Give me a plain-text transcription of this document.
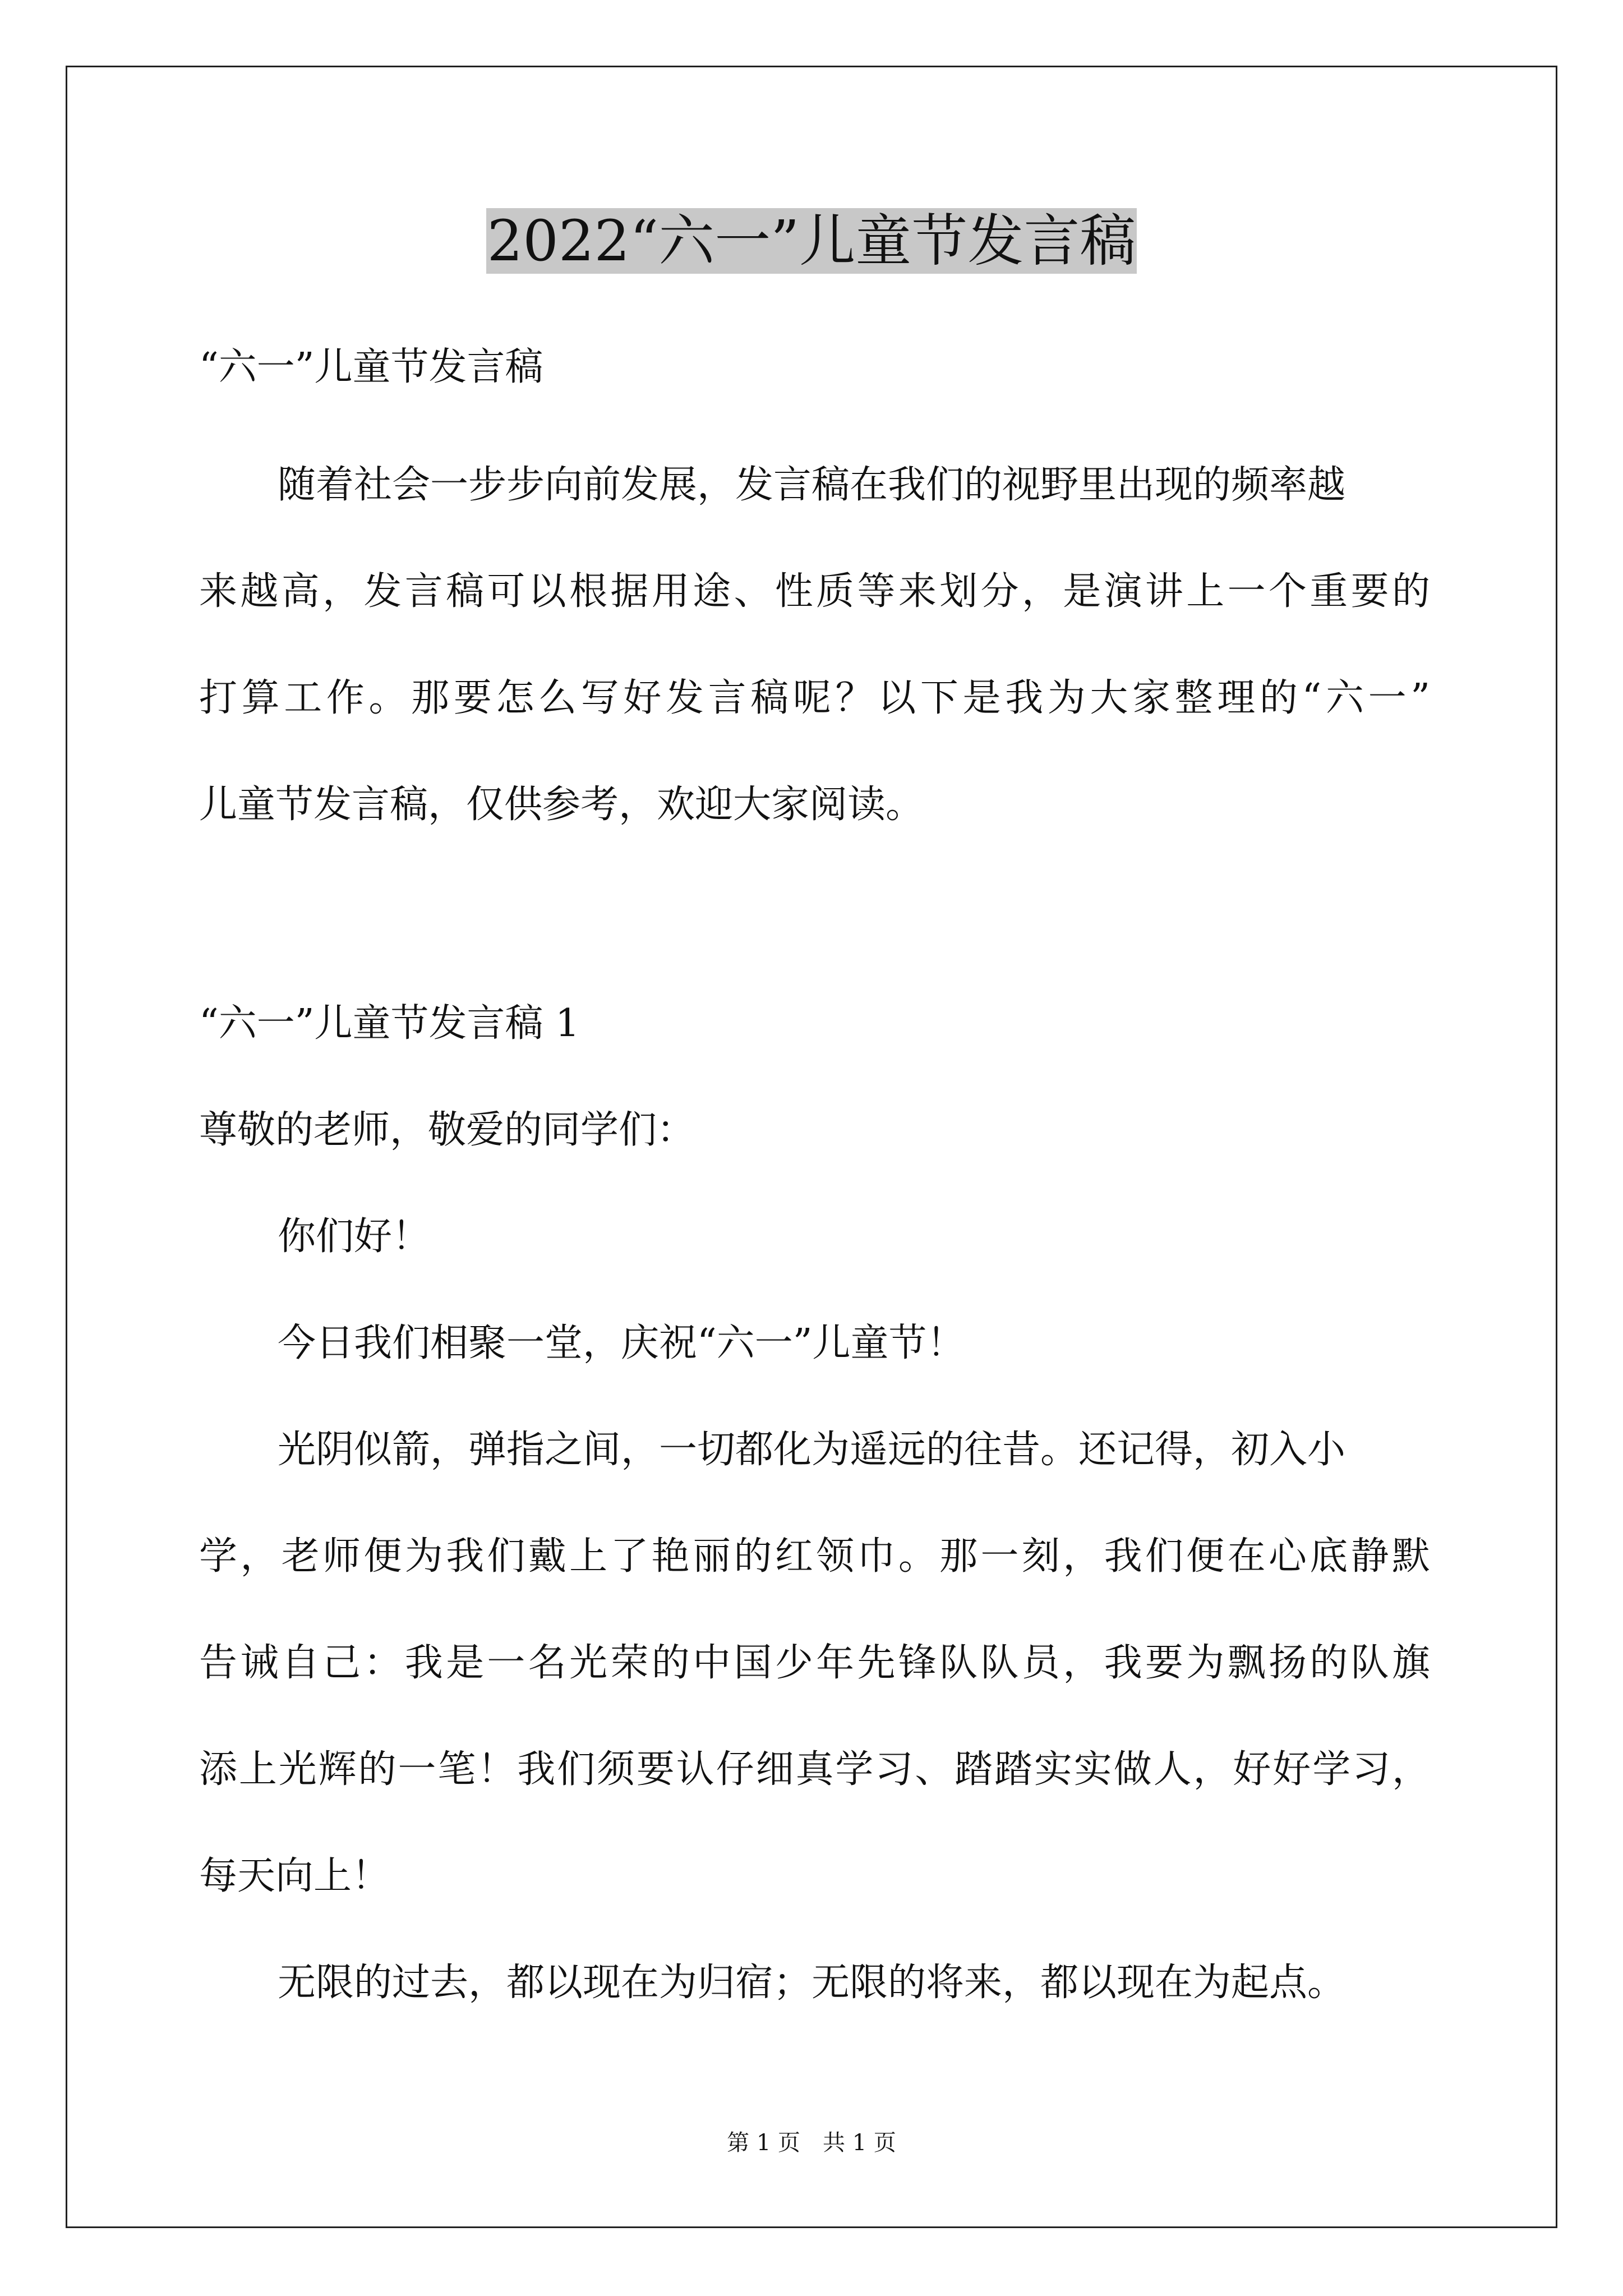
2022“六一”儿童节发言稿
“六一”儿童节发言稿
随着社会一步步向前发展，发言稿在我们的视野里出现的频率越
来越高，发言稿可以根据用途、性质等来划分，是演讲上一个重要的
打算工作。那要怎么写好发言稿呢？以下是我为大家整理的“六一”
儿童节发言稿，仅供参考，欢迎大家阅读。
“六一”儿童节发言稿 1
尊敬的老师，敬爱的同学们：
你们好！
今日我们相聚一堂，庆祝“六一”儿童节！
光阴似箭，弹指之间，一切都化为遥远的往昔。还记得，初入小
学，老师便为我们戴上了艳丽的红领巾。那一刻，我们便在心底静默
告诫自己：我是一名光荣的中国少年先锋队队员，我要为飘扬的队旗
添上光辉的一笔！我们须要认仔细真学习、踏踏实实做人，好好学习，
每天向上！
无限的过去，都以现在为归宿；无限的将来，都以现在为起点。
第 1 页　共 1 页
